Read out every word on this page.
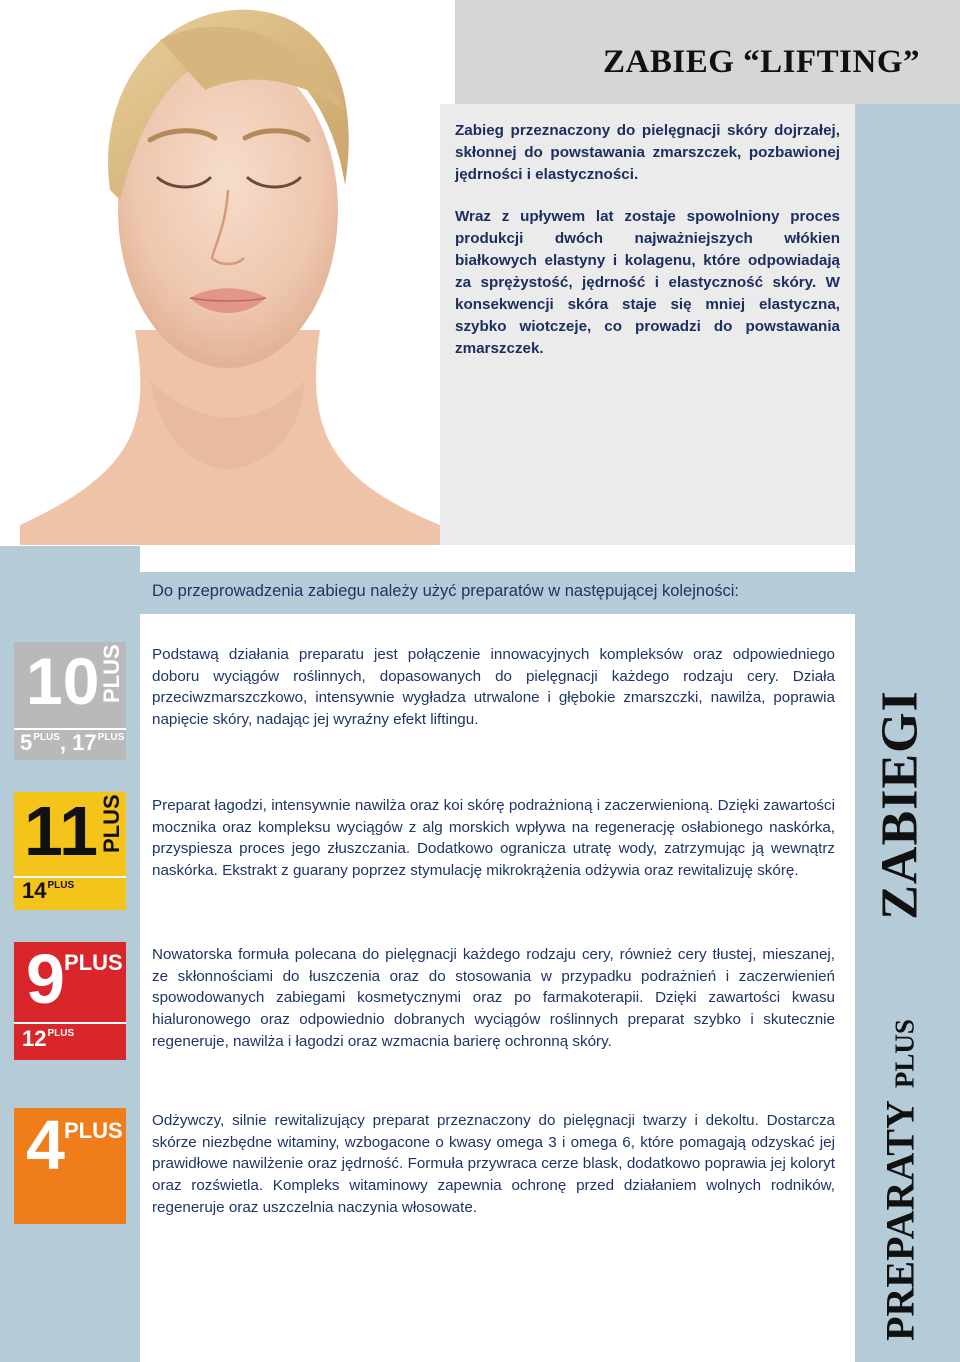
ZABIEG “LIFTING”

Zabieg przeznaczony do pielęgnacji skóry dojrzałej, skłonnej do powstawania zmarszczek, pozbawionej jędrności i elastyczności.

Wraz z upływem lat zostaje spowolniony proces produkcji dwóch najważniejszych włókien białkowych elastyny i kolagenu, które odpowiadają za sprężystość, jędrność i elastyczność skóry. W konsekwencji skóra staje się mniej elastyczna, szybko wiotczeje, co prowadzi do powstawania zmarszczek.

Do przeprowadzenia zabiegu należy użyć preparatów w następującej kolejności:
10 PLUS
$5^{PLUS}$, $17^{PLUS}$

Podstawą działania preparatu jest połączenie innowacyjnych kompleksów oraz odpowiedniego doboru wyciągów roślinnych, dopasowanych do pielęgnacji każdego rodzaju cery. Działa przeciwzmarszczkowo, intensywnie wygładza utrwalone i głębokie zmarszczki, nawilża, poprawia napięcie skóry, nadając jej wyraźny efekt liftingu.

11 PLUS
$14^{PLUS}$

Preparat łagodzi, intensywnie nawilża oraz koi skórę podrażnioną i zaczerwienioną. Dzięki zawartości mocznika oraz kompleksu wyciągów z alg morskich wpływa na regenerację osłabionego naskórka, przyspiesza proces jego złuszczania. Dodatkowo ogranicza utratę wody, zatrzymując ją wewnątrz naskórka. Ekstrakt z guarany poprzez stymulację mikrokrążenia odżywia oraz rewitalizuję skórę.

9 PLUS
$12^{PLUS}$

Nowatorska formuła polecana do pielęgnacji każdego rodzaju cery, również cery tłustej, mieszanej, ze skłonnościami do łuszczenia oraz do stosowania w przypadku podrażnień i zaczerwienień spowodowanych zabiegami kosmetycznymi oraz po farmakoterapii. Dzięki zawartości kwasu hialuronowego oraz odpowiednio dobranych wyciągów roślinnych preparat szybko i skutecznie regeneruje, nawilża i łagodzi oraz wzmacnia barierę ochronną skóry.

4 PLUS Odżywczy, silnie rewitalizujący preparat przeznaczony do pielęgnacji twarzy i dekoltu. Dostarcza skórze niezbędne witaminy, wzbogacone o kwasy omega 3 i omega 6, które pomagają odzyskać jej prawidłowe nawilżenie oraz jędrność. Formuła przywraca cerze blask, dodatkowo poprawia jej koloryt oraz rozświetla. Kompleks witaminowy zapewnia ochronę przed działaniem wolnych rodników, regeneruje oraz uszczelnia naczynia włosowate.

ZABIEGI
PREPARATYPLUS
